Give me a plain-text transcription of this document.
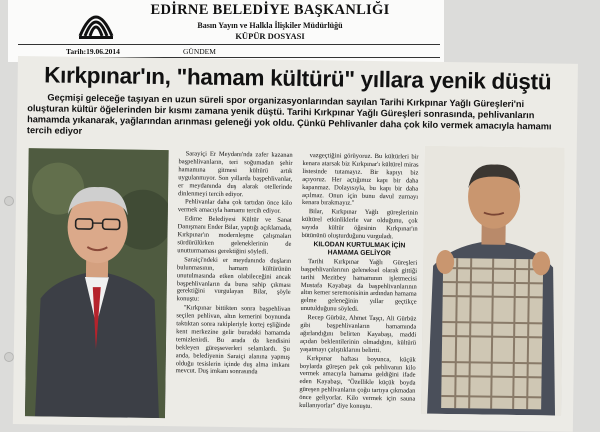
EDİRNE BELEDİYE BAŞKANLIĞI
Basın Yayın ve Halkla İlişkiler Müdürlüğü
KÜPÜR DOSYASI
Tarih:19.06.2014	GÜNDEM
Kırkpınar'ın, "hamam kültürü" yıllara yenik düştü
Geçmişi geleceğe taşıyan en uzun süreli spor organizasyonlarından sayılan Tarihi Kırkpınar Yağlı Güreşleri'ni oluşturan kültür öğelerinden bir kısmı zamana yenik düştü. Tarihi Kırkpınar Yağlı Güreşleri sonrasında, pehlivanların hamamda yıkanarak, yağlarından arınması geleneği yok oldu. Çünkü Pehlivanler daha çok kilo vermek amacıyla hamamı tercih ediyor

Sarayiçi Er Meydanı'nda zafer kazanan başpehlivanların, teri soğumadan şehir hamamına gitmesi kültürü artık uygulanmıyor. Son yıllarda başpehlivanlar, er meydanında duş alarak otellerinde dinlenmeyi tercih ediyor.

Pehlivanlar daha çok tartıdan önce kilo vermek amacıyla hamamı tercih ediyor.

Edirne Belediyesi Kültür ve Sanat Danışmanı Ender Bilar, yaptığı açıklamada, Kırkpınar'ın modernleşme çalışmaları sürdürülürken geleneklerinin de unutturmaması gerektiğini söyledi.

Saraiçi'ndeki er meydanında duşların bulunmasının, hamam kültürünün unutulmasında etken olabileceğini ancak başpehlivanların da buna sahip çıkması gerektiğini vurgulayan Bilar, şöyle konuştu:

"Kırkpınar bittikten sonra başpehlivan seçilen pehlivan, altın kemerini boynunda taktıktan sonra rakipleriyle kortej eşliğinde kent merkezine gelir buradaki hamamda temizlenirdi. Bu arada da kendisini bekleyen güreşseverleri selamlardı. Şu anda, belediyenin Saraiçi alanına yapmış olduğu tesislerin içinde duş alma imkanı mevcut. Duş imkanı sonrasında

vazgeçtiğini görüyoruz. Bu kültürleri bir kenara atarsak biz Kırkpınar'ı kültürel miras listesinde tutamayız. Bir kapıyı biz açıyoruz. Her açtığımız kapı bir daha kapanmaz. Dolayısıyla, bu kapı bir daha açılmaz. Onun için bunu davul zurnayı kenara bırakmayız."

Bilar, Kırkpınar Yağlı güreşlerinin kültürel etkinliklerle var olduğunu, çok sayıda kültür öğesinin Kırkpınar'ın bütününü oluşturduğunu vurguladı.

KILODAN KURTULMAK İÇİN HAMAMA GELİYOR

Tarihi Kırkpınar Yağlı Güreşleri başpehlivanlarının geleneksel olarak gittiği tarihi Mezitbey hamamının işletmecisi Mustafa Kayabaşı da başpehlivanlarının altın kemer seremonisinin ardından hamama gelme geleneğinin yıllar geçtikçe unutulduğunu söyledi.

Recep Gürbüz, Ahmet Taşçı, Ali Gürbüz gibi başpehlivanların hamamında ağırlandığını belirten Kayabaşı, maddi açıdan beklentilerinin olmadığını, kültürü yaşatmayı çalıştıklarını belirtti.

Kırkpınar haftası boyunca, küçük boylarda güreşen pek çok pehlivanın kilo vermek amacıyla hamama geldiğini ifade eden Kayabaşı, "Özellikle küçük boyda güreşen pehlivanların çoğu tartıya çıkmadan önce geliyorlar. Kilo vermek için sauna kullanıyorlar" diye konuştu.
